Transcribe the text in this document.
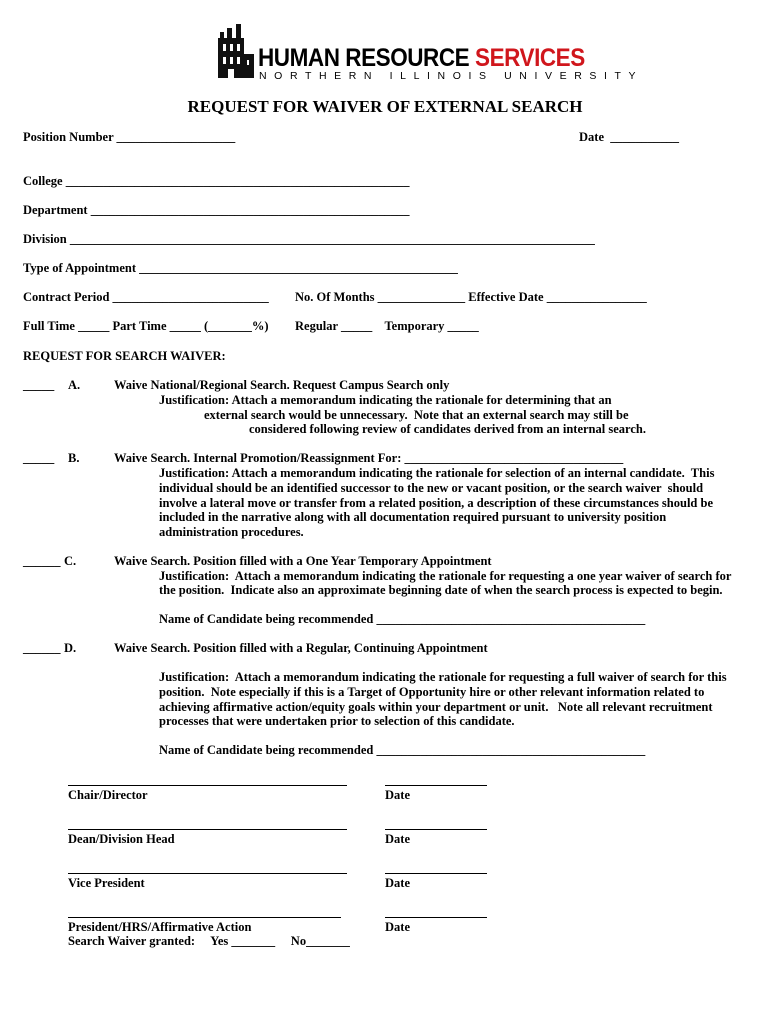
HUMAN RESOURCE SERVICES
NORTHERN ILLINOIS UNIVERSITY
REQUEST FOR WAIVER OF EXTERNAL SEARCH
Position Number ___________________	Date  ___________
College _______________________________________________________
Department ___________________________________________________
Division ____________________________________________________________________________________
Type of Appointment ___________________________________________________
Contract Period _________________________ No. Of Months ______________ Effective Date ________________
Full Time _____ Part Time _____ (_______%) Regular _____    Temporary _____
REQUEST FOR SEARCH WAIVER:
_____ A.	Waive National/Regional Search. Request Campus Search only
Justification: Attach a memorandum indicating the rationale for determining that an
external search would be unnecessary.  Note that an external search may still be
considered following review of candidates derived from an internal search.
_____ B.	Waive Search. Internal Promotion/Reassignment For: ___________________________________
Justification: Attach a memorandum indicating the rationale for selection of an internal candidate.  This
individual should be an identified successor to the new or vacant position, or the search waiver  should
involve a lateral move or transfer from a related position, a description of these circumstances should be
included in the narrative along with all documentation required pursuant to university position
administration procedures.
______ C.	Waive Search. Position filled with a One Year Temporary Appointment
Justification:  Attach a memorandum indicating the rationale for requesting a one year waiver of search for
the position.  Indicate also an approximate beginning date of when the search process is expected to begin.
Name of Candidate being recommended ___________________________________________
______ D.	Waive Search. Position filled with a Regular, Continuing Appointment
Justification:  Attach a memorandum indicating the rationale for requesting a full waiver of search for this
position.  Note especially if this is a Target of Opportunity hire or other relevant information related to
achieving affirmative action/equity goals within your department or unit.   Note all relevant recruitment
processes that were undertaken prior to selection of this candidate.
Name of Candidate being recommended ___________________________________________
Chair/Director	Date
Dean/Division Head	Date
Vice President	Date
President/HRS/Affirmative Action	Date
Search Waiver granted:     Yes _______     No_______
